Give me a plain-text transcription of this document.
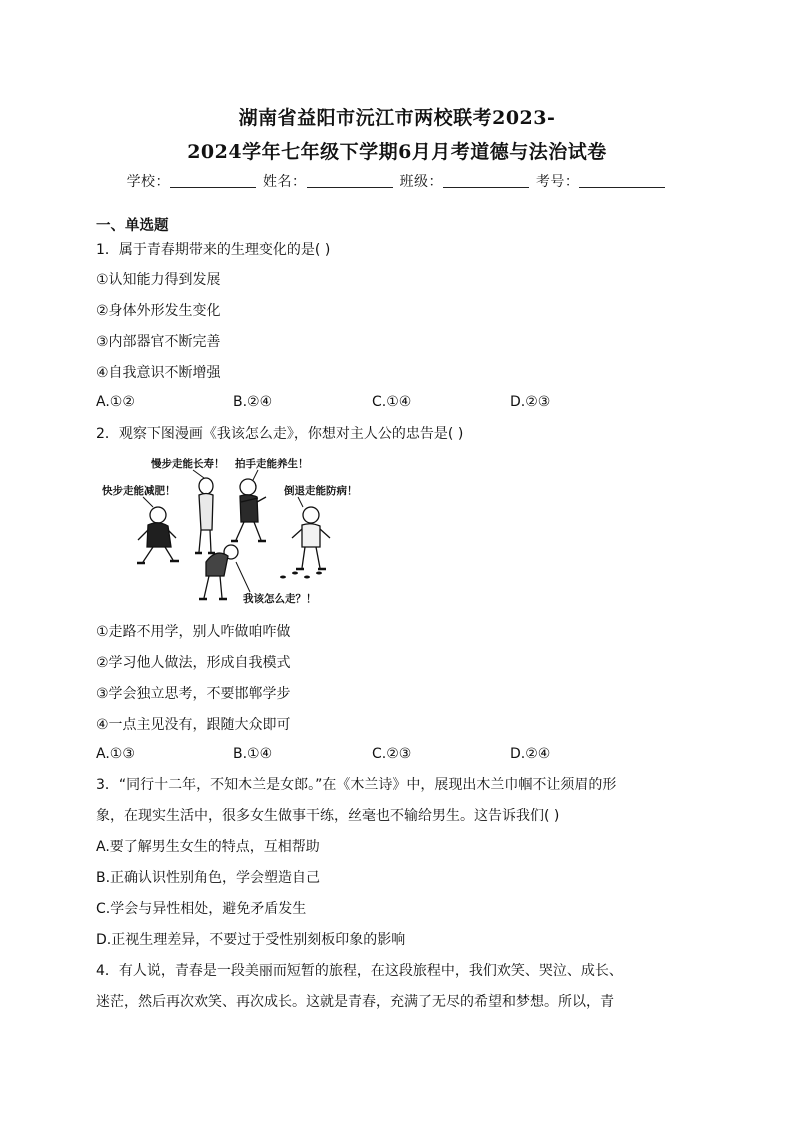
湖南省益阳市沅江市两校联考2023-
2024学年七年级下学期6月月考道德与法治试卷
学校：	姓名：	班级：	考号：
一、单选题
1．属于青春期带来的生理变化的是( )
①认知能力得到发展
②身体外形发生变化
③内部器官不断完善
④自我意识不断增强
A.①②	B.②④	C.①④	D.②③
2．观察下图漫画《我该怎么走》，你想对主人公的忠告是( )
慢步走能长寿！ 拍手走能养生！
快步走能减肥！	倒退走能防病！
我该怎么走？！
①走路不用学，别人咋做咱咋做
②学习他人做法，形成自我模式
③学会独立思考，不要邯郸学步
④一点主见没有，跟随大众即可
A.①③	B.①④	C.②③	D.②④
3．“同行十二年，不知木兰是女郎。”在《木兰诗》中，展现出木兰巾帼不让须眉的形
象，在现实生活中，很多女生做事干练，丝毫也不输给男生。这告诉我们( )
A.要了解男生女生的特点，互相帮助
B.正确认识性别角色，学会塑造自己
C.学会与异性相处，避免矛盾发生
D.正视生理差异，不要过于受性别刻板印象的影响
4．有人说，青春是一段美丽而短暂的旅程，在这段旅程中，我们欢笑、哭泣、成长、
迷茫，然后再次欢笑、再次成长。这就是青春，充满了无尽的希望和梦想。所以，青
